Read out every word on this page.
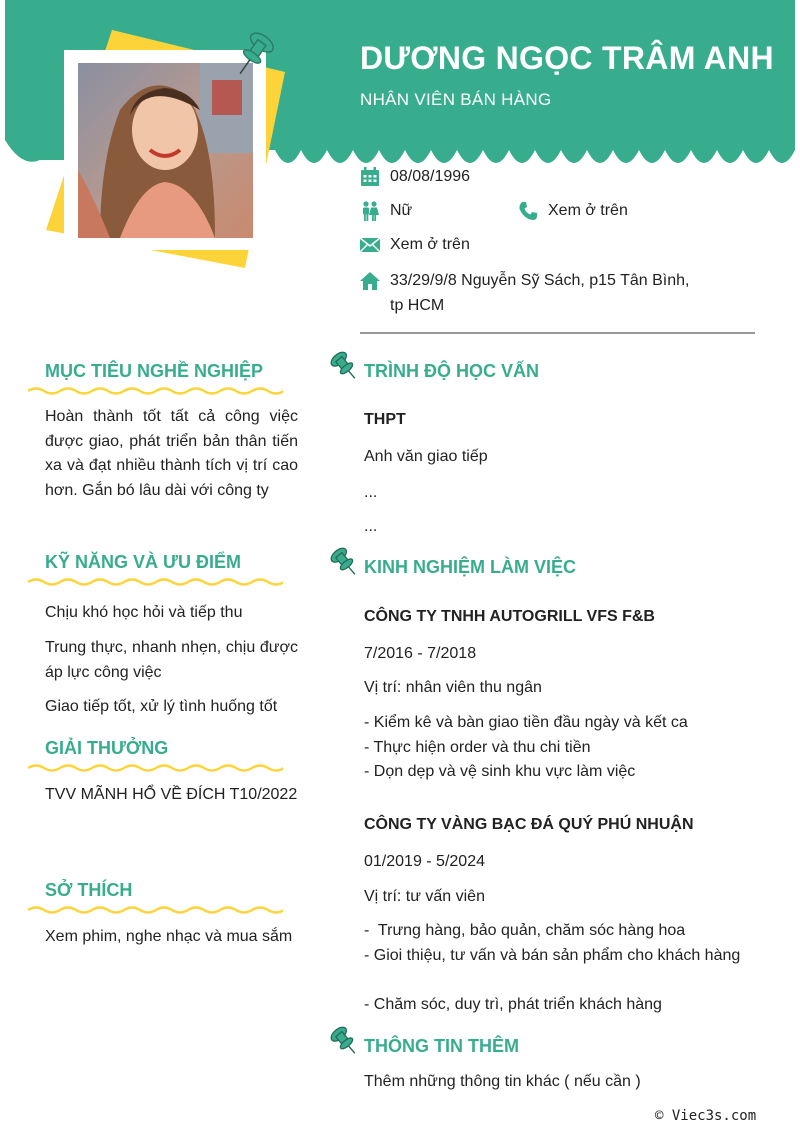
DƯƠNG NGỌC TRÂM ANH
NHÂN VIÊN BÁN HÀNG
08/08/1996
Nữ	Xem ở trên
Xem ở trên
33/29/9/8 Nguyễn Sỹ Sách, p15 Tân Bình,
tp HCM
MỤC TIÊU NGHỀ NGHIỆP
Hoàn thành tốt tất cả công việc được giao, phát triển bản thân tiến xa và đạt nhiều thành tích vị trí cao hơn. Gắn bó lâu dài với công ty
KỸ NĂNG VÀ ƯU ĐIỂM
Chịu khó học hỏi và tiếp thu
Trung thực, nhanh nhẹn, chịu được áp lực công việc
Giao tiếp tốt, xử lý tình huống tốt
GIẢI THƯỞNG
TVV MÃNH HỔ VỀ ĐÍCH T10/2022
SỞ THÍCH
Xem phim, nghe nhạc và mua sắm
TRÌNH ĐỘ HỌC VẤN
THPT
Anh văn giao tiếp
...
...
KINH NGHIỆM LÀM VIỆC
CÔNG TY TNHH AUTOGRILL VFS F&B
7/2016 - 7/2018
Vị trí: nhân viên thu ngân
- Kiểm kê và bàn giao tiền đầu ngày và kết ca
- Thực hiện order và thu chi tiền
- Dọn dẹp và vệ sinh khu vực làm việc
CÔNG TY VÀNG BẠC ĐÁ QUÝ PHÚ NHUẬN
01/2019 - 5/2024
Vị trí: tư vấn viên
-  Trưng hàng, bảo quản, chăm sóc hàng hoa
- Gioi thiệu, tư vấn và bán sản phẩm cho khách hàng
- Chăm sóc, duy trì, phát triển khách hàng
THÔNG TIN THÊM
Thêm những thông tin khác ( nếu cần )
© Viec3s.com
